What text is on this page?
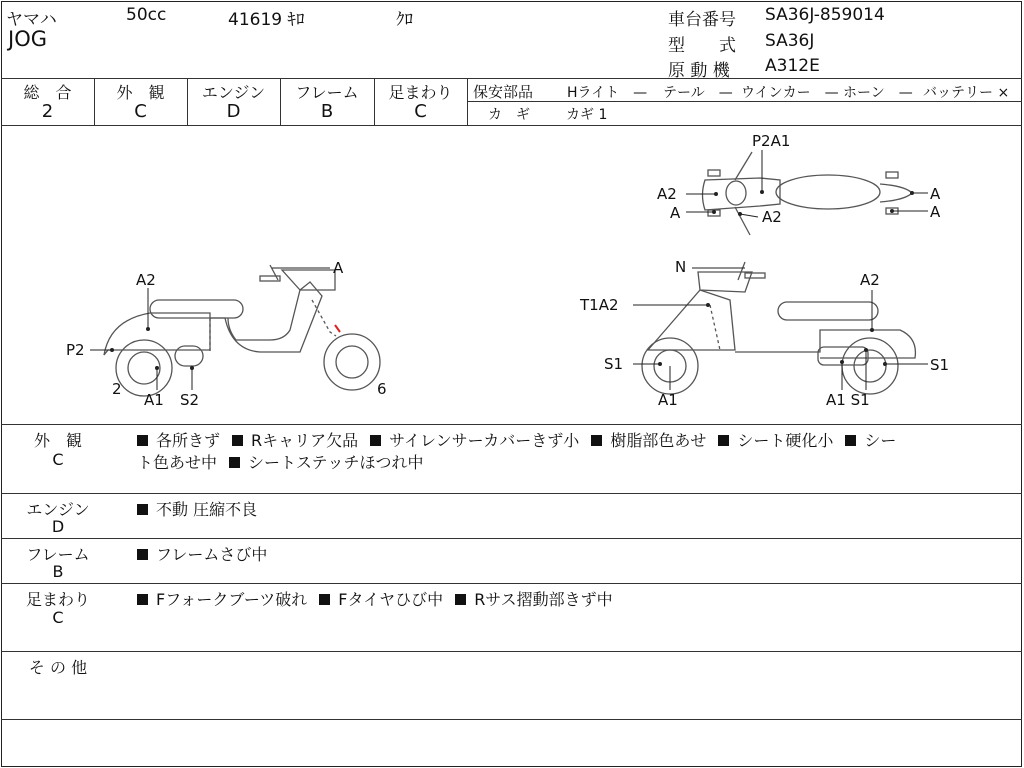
ヤマハ	50cc	41619 ｷﾛ	ｸﾛ
JOG
車台番号 SA36J-859014
型　　式 SA36J
原 動 機 A312E
総　合
2
外　観
C
エンジン
D
フレーム
B
足まわり
C
保安部品 Hライト　 — テール　 — ウインカー　 — ホーン　 — バッテリー ×
カ　ギ	カギ 1
A2
A
P2
2
A1 S2
6
N
T1A2
A2
S1	S1
A1	A1 S1
P2A1
A2
A	A2
A
A
外　観
C
各所きず Rキャリア欠品 サイレンサーカバーきず小 樹脂部色あせ シート硬化小 シー
ト色あせ中 シートステッチほつれ中
エンジン
D
不動 圧縮不良
フレーム
B
フレームさび中
足まわり
C
Fフォークブーツ破れ Fタイヤひび中 Rサス摺動部きず中
そ の 他
